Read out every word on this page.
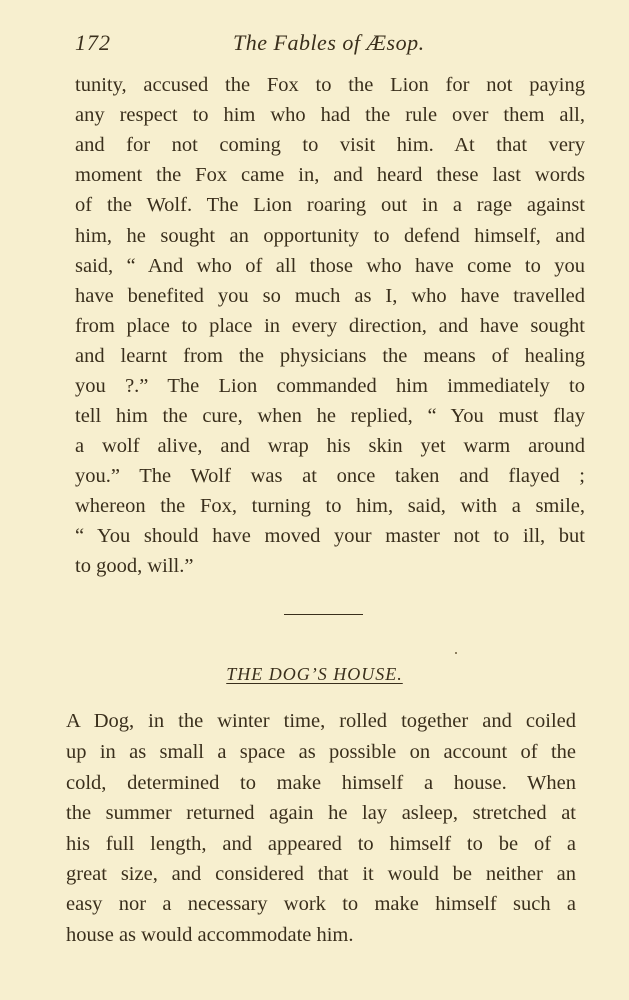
172	The Fables of Æsop.
tunity, accused the Fox to the Lion for not paying
any respect to him who had the rule over them all,
and for not coming to visit him. At that very
moment the Fox came in, and heard these last words
of the Wolf. The Lion roaring out in a rage against
him, he sought an opportunity to defend himself, and
said, “ And who of all those who have come to you
have benefited you so much as I, who have travelled
from place to place in every direction, and have sought
and learnt from the physicians the means of healing
you ?.” The Lion commanded him immediately to
tell him the cure, when he replied, “ You must flay
a wolf alive, and wrap his skin yet warm around
you.” The Wolf was at once taken and flayed ;
whereon the Fox, turning to him, said, with a smile,
“ You should have moved your master not to ill, but
to good, will.”
THE DOG’S HOUSE.
A Dog, in the winter time, rolled together and coiled
up in as small a space as possible on account of the
cold, determined to make himself a house. When
the summer returned again he lay asleep, stretched at
his full length, and appeared to himself to be of a
great size, and considered that it would be neither an
easy nor a necessary work to make himself such a
house as would accommodate him.
